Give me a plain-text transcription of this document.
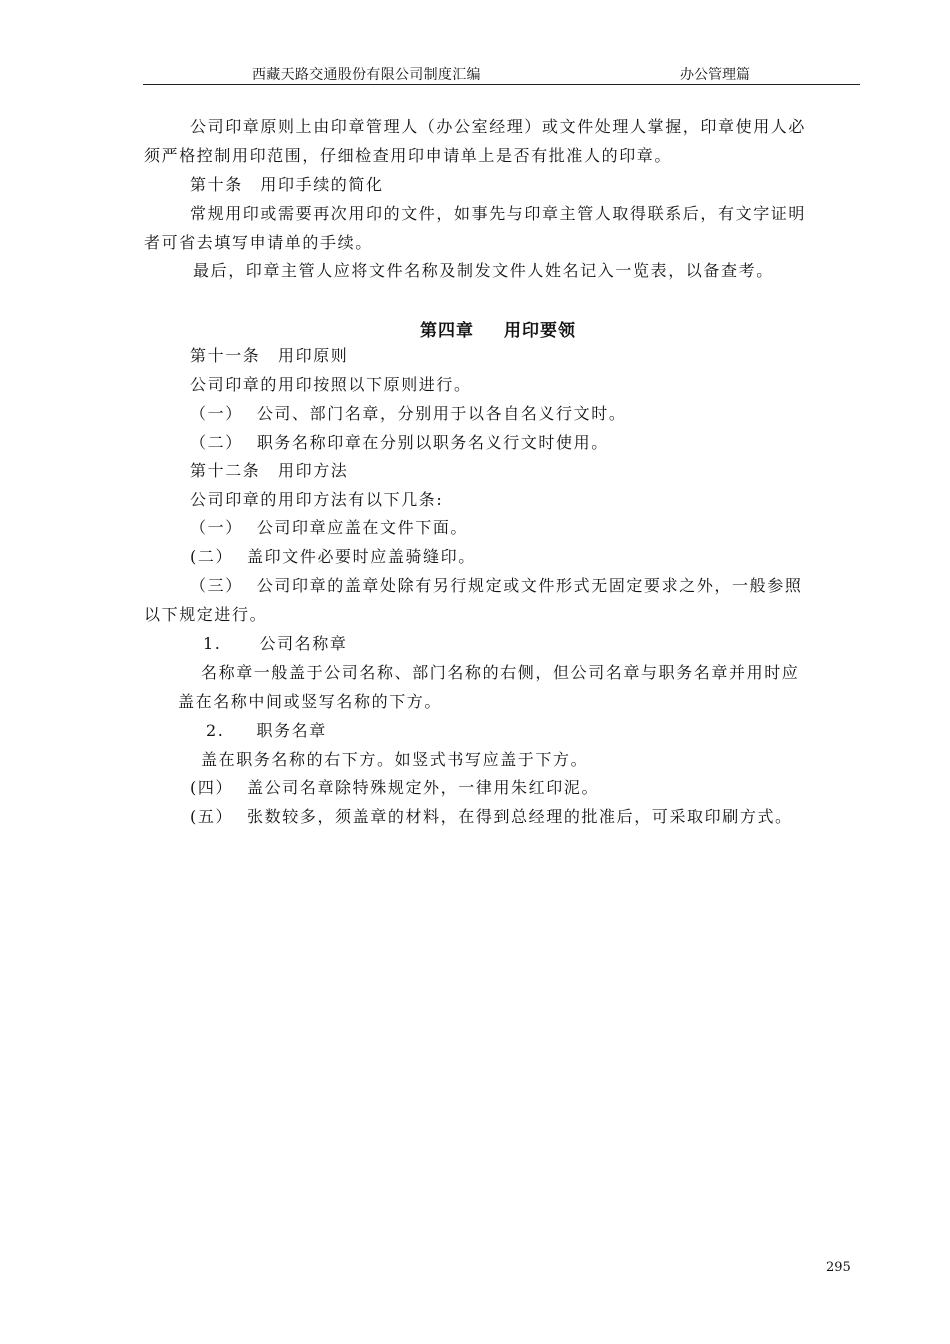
西藏天路交通股份有限公司制度汇编	办公管理篇
公司印章原则上由印章管理人（办公室经理）或文件处理人掌握，印章使用人必
须严格控制用印范围，仔细检查用印申请单上是否有批准人的印章。
第十条　用印手续的简化
常规用印或需要再次用印的文件，如事先与印章主管人取得联系后，有文字证明
者可省去填写申请单的手续。
最后，印章主管人应将文件名称及制发文件人姓名记入一览表，以备查考。
第四章 用印要领
第十一条　用印原则
公司印章的用印按照以下原则进行。
（一） 公司、部门名章，分别用于以各自名义行文时。
（二） 职务名称印章在分别以职务名义行文时使用。
第十二条　用印方法
公司印章的用印方法有以下几条:
（一） 公司印章应盖在文件下面。
(二） 盖印文件必要时应盖骑缝印。
（三） 公司印章的盖章处除有另行规定或文件形式无固定要求之外，一般参照
以下规定进行。
1. 公司名称章
名称章一般盖于公司名称、部门名称的右侧，但公司名章与职务名章并用时应
盖在名称中间或竖写名称的下方。
2. 职务名章
盖在职务名称的右下方。如竖式书写应盖于下方。
(四） 盖公司名章除特殊规定外，一律用朱红印泥。
(五） 张数较多，须盖章的材料，在得到总经理的批准后，可采取印刷方式。
295
